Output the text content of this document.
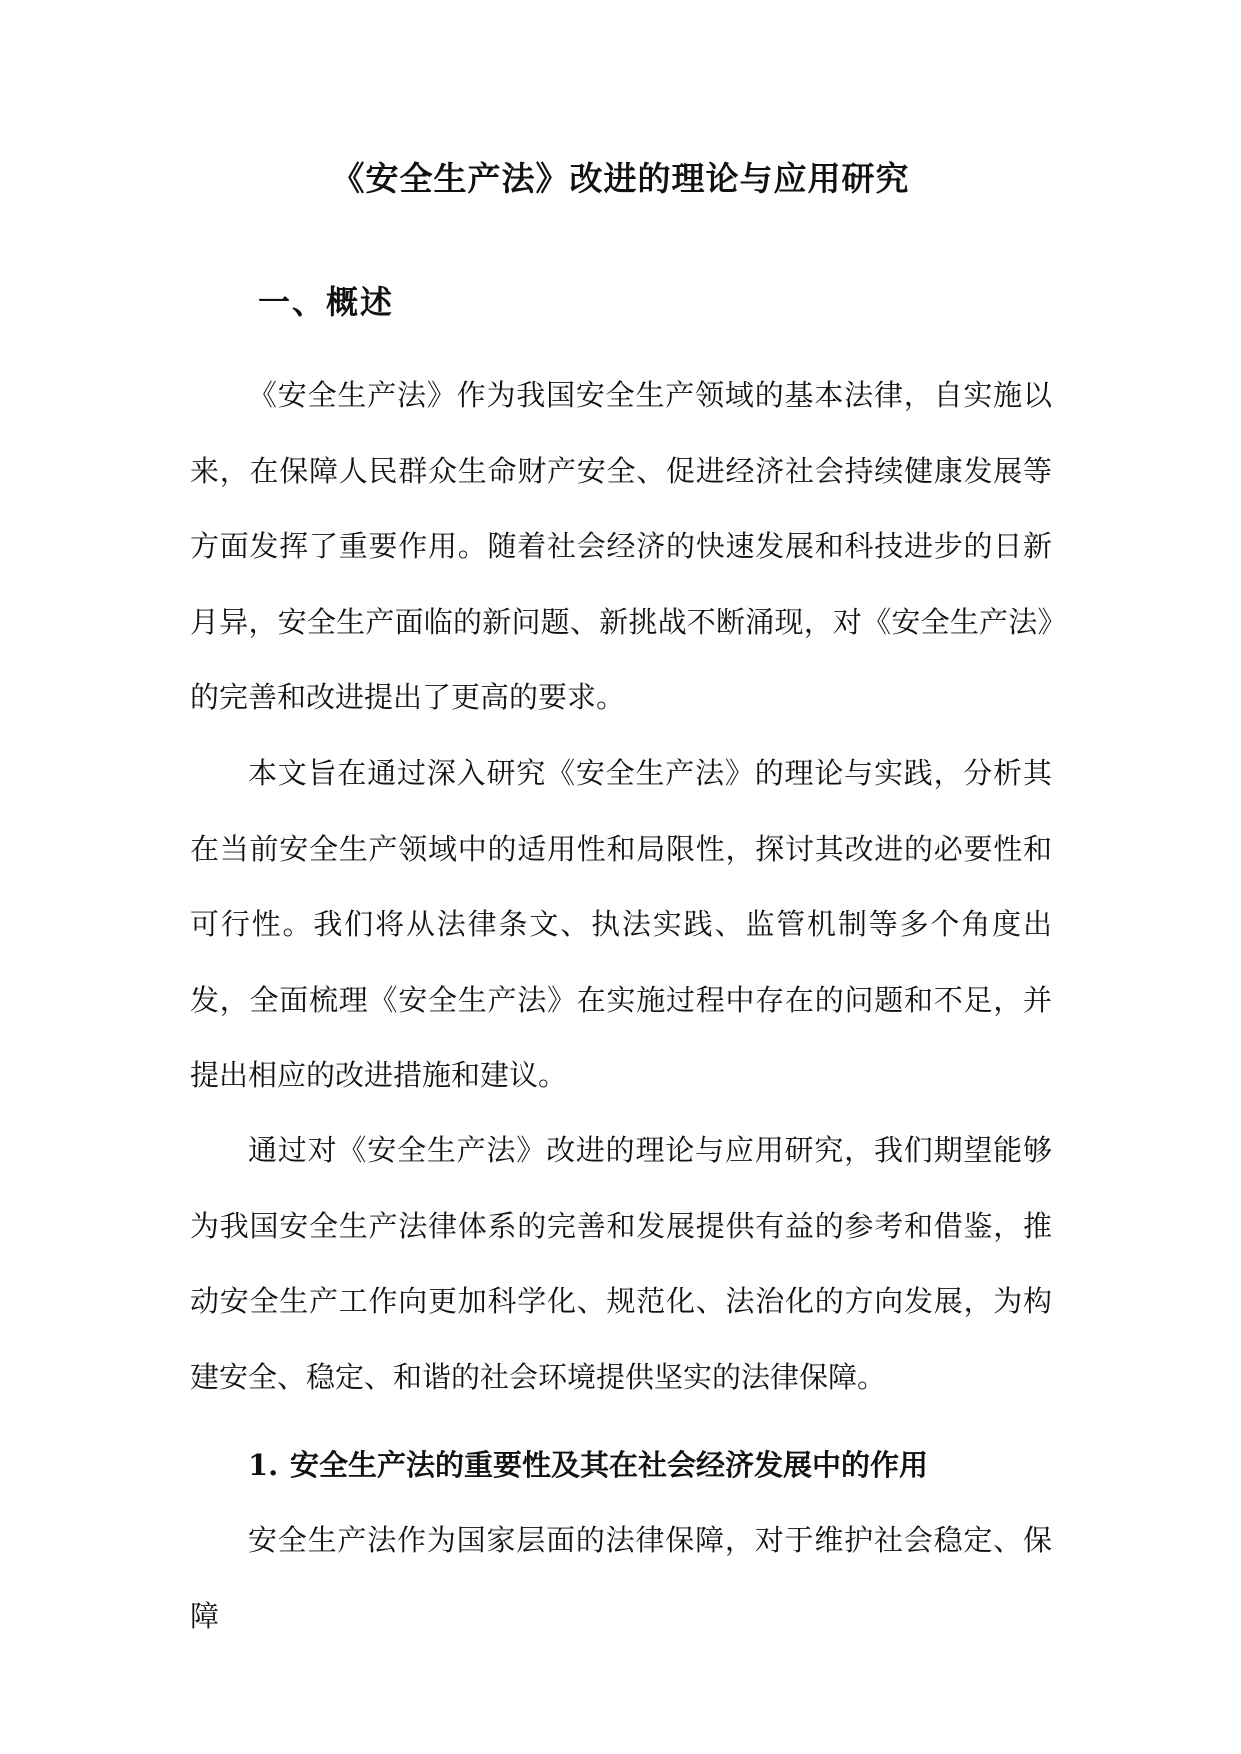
《安全生产法》改进的理论与应用研究
一、概述

《安全生产法》作为我国安全生产领域的基本法律，自实施以来，在保障人民群众生命财产安全、促进经济社会持续健康发展等方面发挥了重要作用。随着社会经济的快速发展和科技进步的日新月异，安全生产面临的新问题、新挑战不断涌现，对《安全生产法》的完善和改进提出了更高的要求。

本文旨在通过深入研究《安全生产法》的理论与实践，分析其在当前安全生产领域中的适用性和局限性，探讨其改进的必要性和可行性。我们将从法律条文、执法实践、监管机制等多个角度出发，全面梳理《安全生产法》在实施过程中存在的问题和不足，并提出相应的改进措施和建议。

通过对《安全生产法》改进的理论与应用研究，我们期望能够为我国安全生产法律体系的完善和发展提供有益的参考和借鉴，推动安全生产工作向更加科学化、规范化、法治化的方向发展，为构建安全、稳定、和谐的社会环境提供坚实的法律保障。

1. 安全生产法的重要性及其在社会经济发展中的作用

安全生产法作为国家层面的法律保障，对于维护社会稳定、保障
